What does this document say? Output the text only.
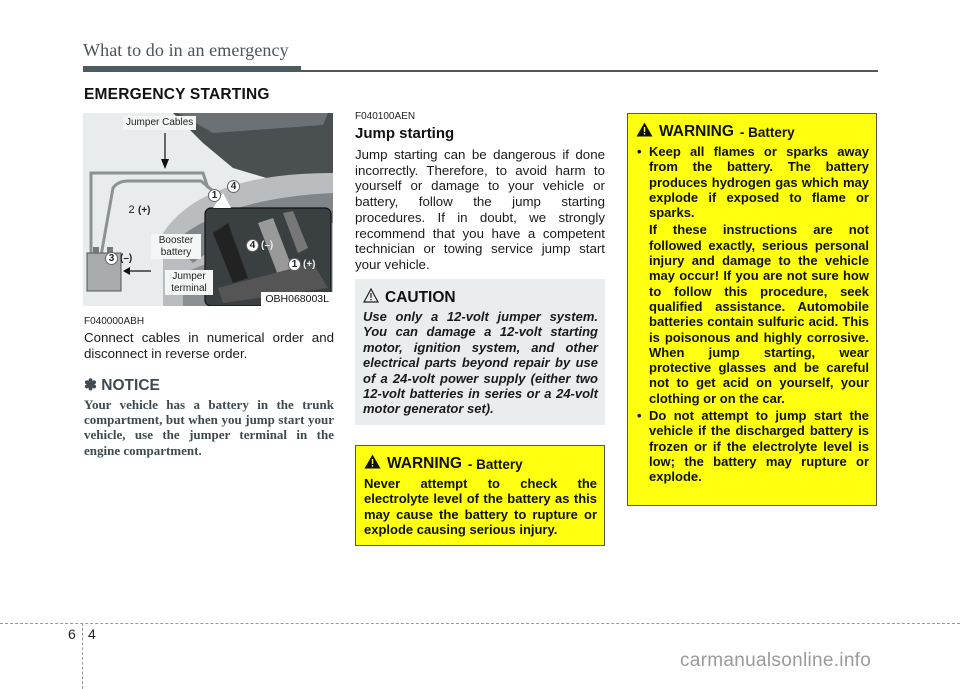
What to do in an emergency
EMERGENCY STARTING
Jumper Cables
Booster battery
Jumper terminal
1
4
4 (–)
1 (+)
2 (+)
3 (–)
OBH068003L
F040000ABH
Connect cables in numerical order and disconnect in reverse order.
✽ NOTICE
Your vehicle has a battery in the trunk compartment, but when you jump start your vehicle, use the jumper terminal in the engine compartment.
F040100AEN
Jump starting
Jump starting can be dangerous if done incorrectly. Therefore, to avoid harm to yourself or damage to your vehicle or battery, follow the jump starting procedures. If in doubt, we strongly recommend that you have a competent technician or towing service jump start your vehicle.
CAUTION
Use only a 12-volt jumper system. You can damage a 12-volt starting motor, ignition system, and other electrical parts beyond repair by use of a 24-volt power supply (either two 12-volt batteries in series or a 24-volt motor generator set).
WARNING - Battery
Never attempt to check the electrolyte level of the battery as this may cause the battery to rupture or explode causing serious injury.
WARNING - Battery

• Keep all flames or sparks away from the battery. The battery produces hydrogen gas which may explode if exposed to flame or sparks.

If these instructions are not followed exactly, serious personal injury and damage to the vehicle may occur! If you are not sure how to follow this procedure, seek qualified assistance. Automobile batteries contain sulfuric acid. This is poisonous and highly corrosive. When jump starting, wear protective glasses and be careful not to get acid on yourself, your clothing or on the car.

• Do not attempt to jump start the vehicle if the discharged battery is frozen or if the electrolyte level is low; the battery may rupture or explode.

6 4
carmanualsonline.info
